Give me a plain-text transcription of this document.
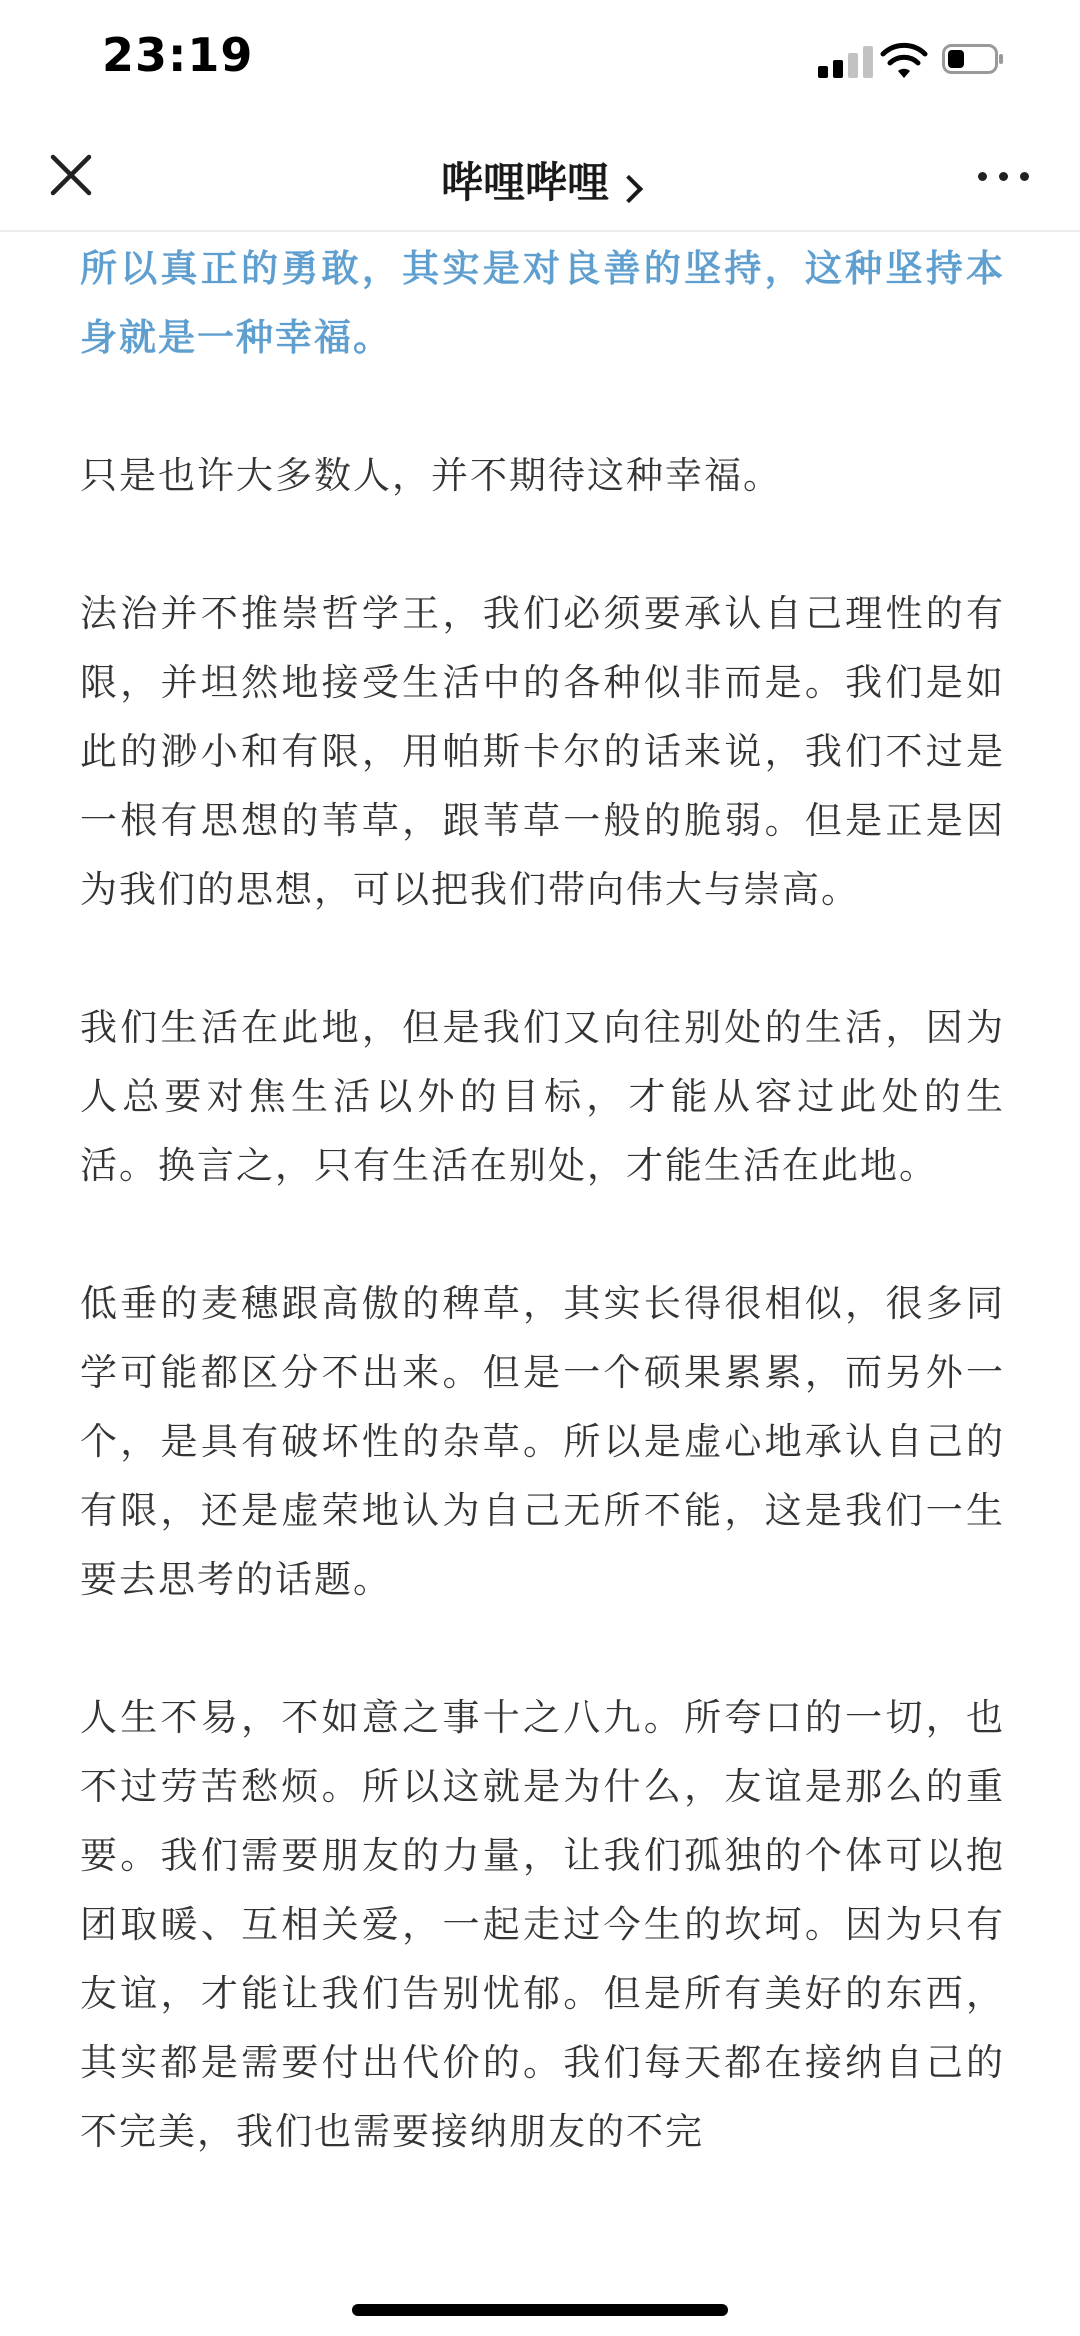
23:19
哔哩哔哩

所以真正的勇敢，其实是对良善的坚持，这种坚持本身就是一种幸福。

只是也许大多数人，并不期待这种幸福。

法治并不推崇哲学王，我们必须要承认自己理性的有限，并坦然地接受生活中的各种似非而是。我们是如此的渺小和有限，用帕斯卡尔的话来说，我们不过是一根有思想的苇草，跟苇草一般的脆弱。但是正是因为我们的思想，可以把我们带向伟大与崇高。

我们生活在此地，但是我们又向往别处的生活，因为人总要对焦生活以外的目标，才能从容过此处的生活。换言之，只有生活在别处，才能生活在此地。

低垂的麦穗跟高傲的稗草，其实长得很相似，很多同学可能都区分不出来。但是一个硕果累累，而另外一个，是具有破坏性的杂草。所以是虚心地承认自己的有限，还是虚荣地认为自己无所不能，这是我们一生要去思考的话题。

人生不易，不如意之事十之八九。所夸口的一切，也不过劳苦愁烦。所以这就是为什么，友谊是那么的重要。我们需要朋友的力量，让我们孤独的个体可以抱团取暖、互相关爱，一起走过今生的坎坷。因为只有友谊，才能让我们告别忧郁。但是所有美好的东西，其实都是需要付出代价的。我们每天都在接纳自己的不完美，我们也需要接纳朋友的不完
